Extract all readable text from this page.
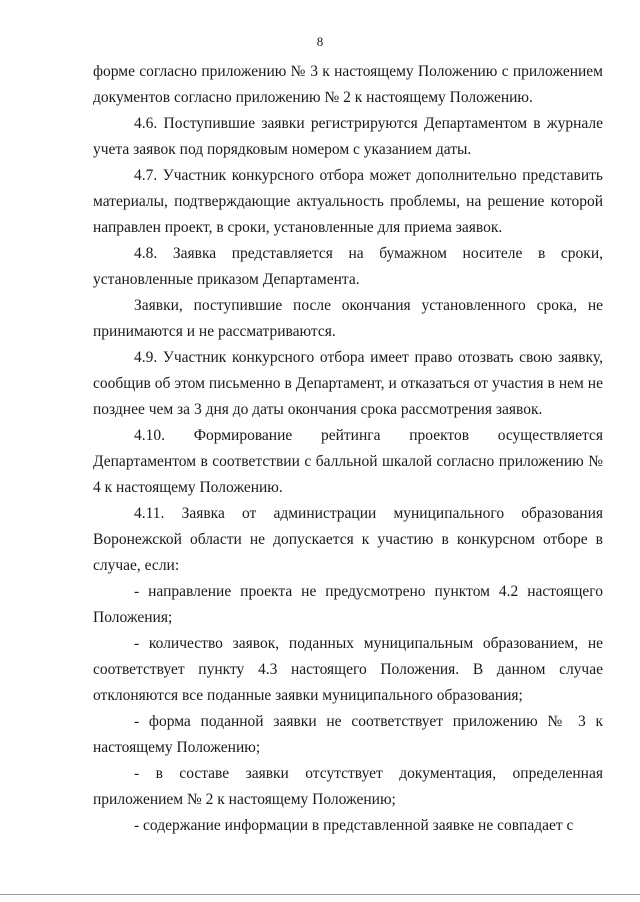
8

форме согласно приложению № 3 к настоящему Положению с приложением документов согласно приложению № 2 к настоящему Положению.

4.6. Поступившие заявки регистрируются Департаментом в журнале учета заявок под порядковым номером с указанием даты.

4.7. Участник конкурсного отбора может дополнительно представить материалы, подтверждающие актуальность проблемы, на решение которой направлен проект, в сроки, установленные для приема заявок.

4.8. Заявка представляется на бумажном носителе в сроки, установленные приказом Департамента.

Заявки, поступившие после окончания установленного срока, не принимаются и не рассматриваются.

4.9. Участник конкурсного отбора имеет право отозвать свою заявку, сообщив об этом письменно в Департамент, и отказаться от участия в нем не позднее чем за 3 дня до даты окончания срока рассмотрения заявок.

4.10. Формирование рейтинга проектов осуществляется Департаментом в соответствии с балльной шкалой согласно приложению № 4 к настоящему Положению.

4.11. Заявка от администрации муниципального образования Воронежской области не допускается к участию в конкурсном отборе в случае, если:

- направление проекта не предусмотрено пунктом 4.2 настоящего Положения;

- количество заявок, поданных муниципальным образованием, не соответствует пункту 4.3 настоящего Положения. В данном случае отклоняются все поданные заявки муниципального образования;

- форма поданной заявки не соответствует приложению № 3 к настоящему Положению;

- в составе заявки отсутствует документация, определенная приложением № 2 к настоящему Положению;

- содержание информации в представленной заявке не совпадает с
